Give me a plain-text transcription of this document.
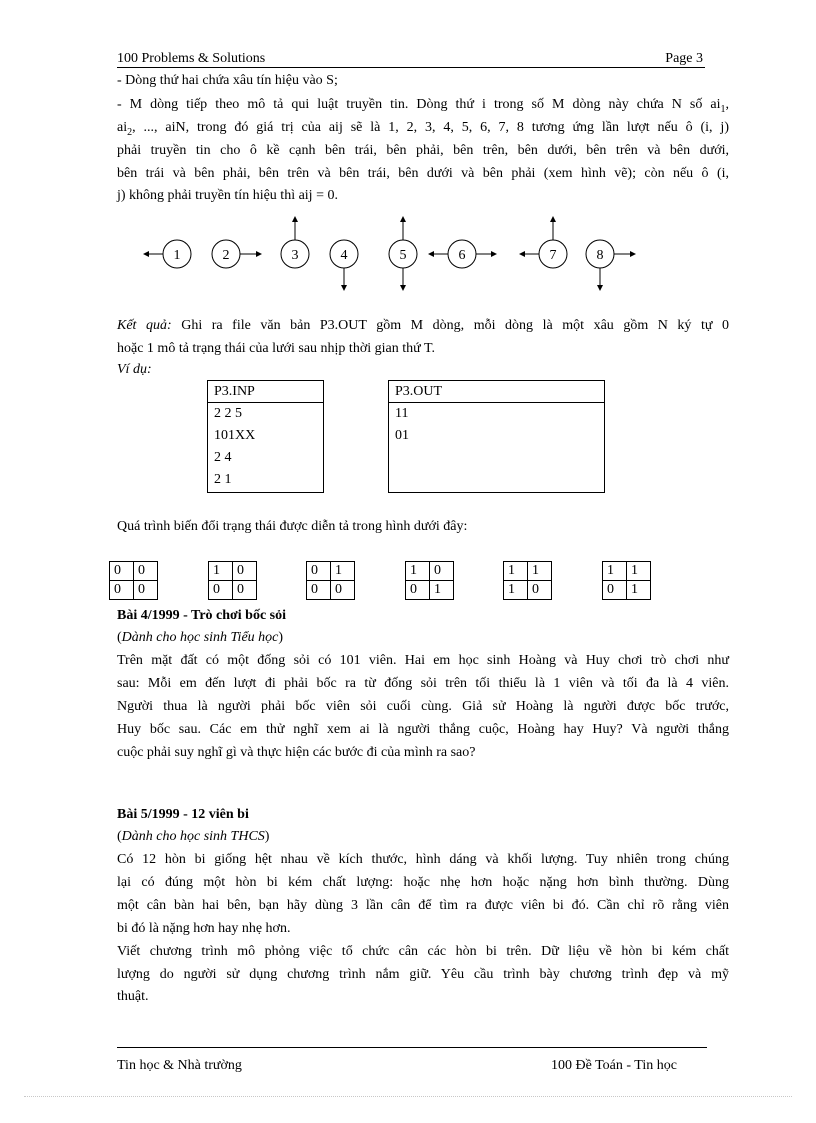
100 Problems & Solutions	Page 3
- Dòng thứ hai chứa xâu tín hiệu vào S;
- M dòng tiếp theo mô tả qui luật truyền tin. Dòng thứ i trong số M dòng này chứa N số $ai_1$,
$ai_2$, ..., aiN, trong đó giá trị của aij sẽ là 1, 2, 3, 4, 5, 6, 7, 8 tương ứng lần lượt nếu ô (i, j)
phải truyền tin cho ô kề cạnh bên trái, bên phải, bên trên, bên dưới, bên trên và bên dưới,
bên trái và bên phải, bên trên và bên trái, bên dưới và bên phải (xem hình vẽ); còn nếu ô (i,
j) không phải truyền tín hiệu thì aij = 0.
1	2	3	4	5	6	7	8
Kết quả: Ghi ra file văn bản P3.OUT gồm M dòng, mỗi dòng là một xâu gồm N ký tự 0
hoặc 1 mô tả trạng thái của lưới sau nhịp thời gian thứ T.
Ví dụ:
P3.INP
2 2 5
101XX
2 4
2 1
P3.OUT
11
01
Quá trình biến đổi trạng thái được diễn tả trong hình dưới đây:
0	0
0	0
1	0
0	0
0	1
0	0
1	0
0	1
1	1
1	0
1	1
0	1
Bài 4/1999 - Trò chơi bốc sỏi
(Dành cho học sinh Tiểu học)
Trên mặt đất có một đống sỏi có 101 viên. Hai em học sinh Hoàng và Huy chơi trò chơi như
sau: Mỗi em đến lượt đi phải bốc ra từ đống sỏi trên tối thiểu là 1 viên và tối đa là 4 viên.
Người thua là người phải bốc viên sỏi cuối cùng. Giả sử Hoàng là người được bốc trước,
Huy bốc sau. Các em thử nghĩ xem ai là người thắng cuộc, Hoàng hay Huy? Và người thắng
cuộc phải suy nghĩ gì và thực hiện các bước đi của mình ra sao?
Bài 5/1999 - 12 viên bi
(Dành cho học sinh THCS)
Có 12 hòn bi giống hệt nhau về kích thước, hình dáng và khối lượng. Tuy nhiên trong chúng
lại có đúng một hòn bi kém chất lượng: hoặc nhẹ hơn hoặc nặng hơn bình thường. Dùng
một cân bàn hai bên, bạn hãy dùng 3 lần cân để tìm ra được viên bi đó. Cần chỉ rõ rằng viên
bi đó là nặng hơn hay nhẹ hơn.
Viết chương trình mô phỏng việc tổ chức cân các hòn bi trên. Dữ liệu về hòn bi kém chất
lượng do người sử dụng chương trình nắm giữ. Yêu cầu trình bày chương trình đẹp và mỹ
thuật.
Tin học & Nhà trường	100 Đề Toán - Tin học
